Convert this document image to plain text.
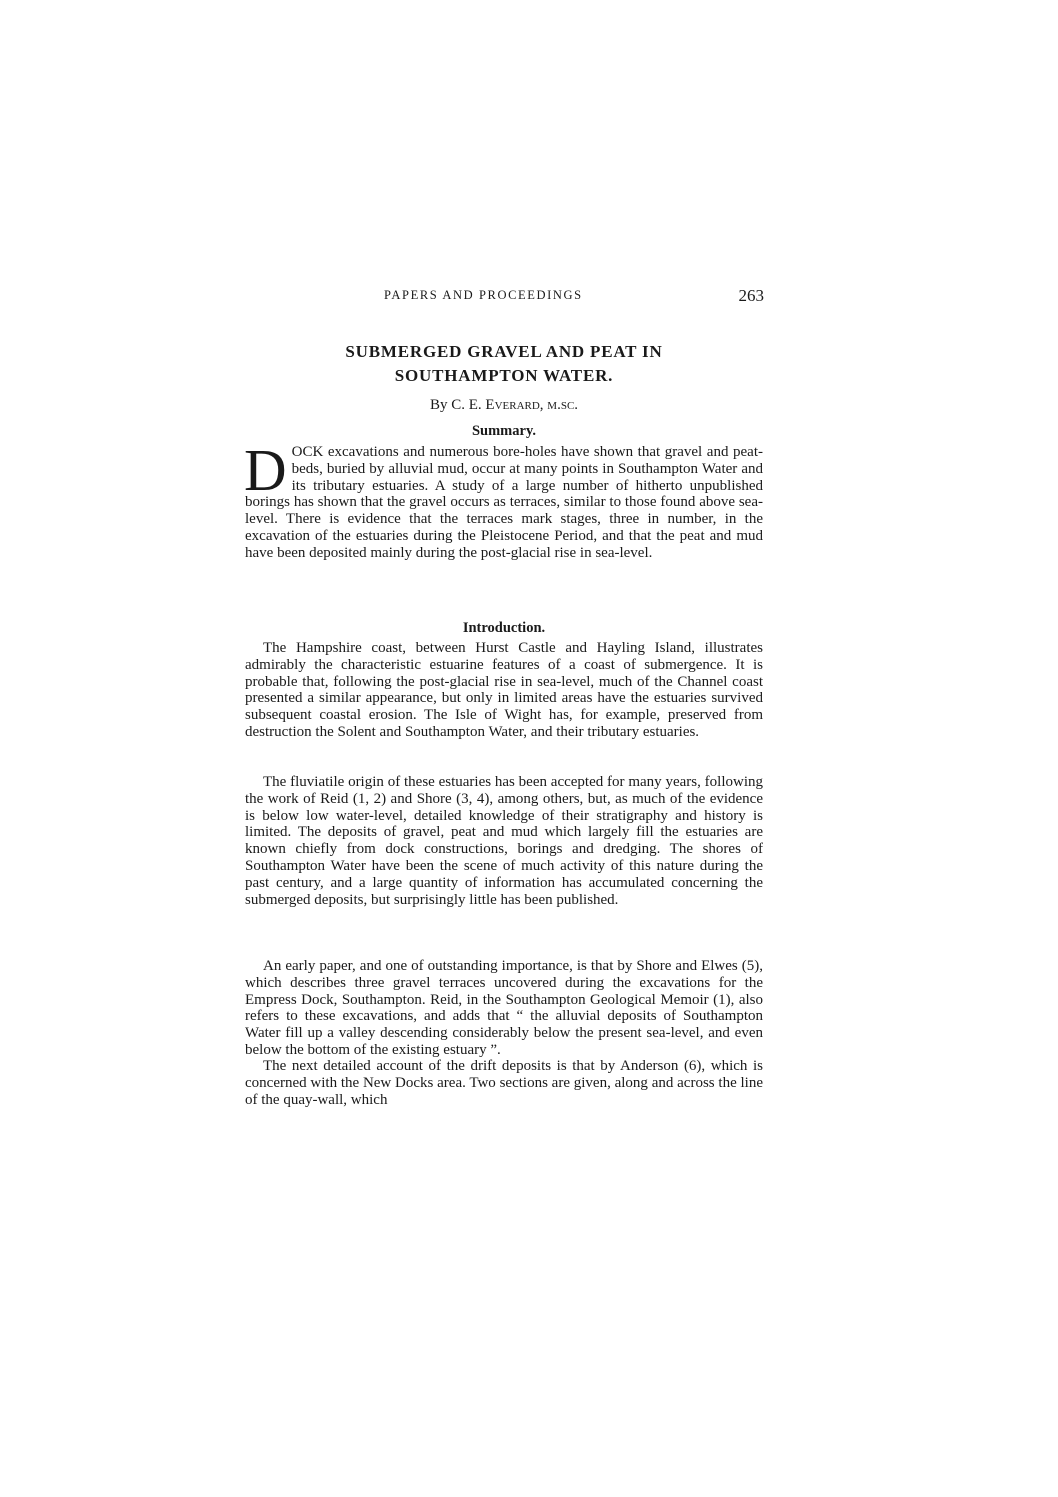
PAPERS AND PROCEEDINGS	263
SUBMERGED GRAVEL AND PEAT IN
SOUTHAMPTON WATER.

By C. E. Everard, m.sc.

Summary.

DOCK excavations and numerous bore-holes have shown that gravel and peat-beds, buried by alluvial mud, occur at many points in Southampton Water and its tributary estuaries. A study of a large number of hitherto unpublished borings has shown that the gravel occurs as terraces, similar to those found above sea-level. There is evidence that the terraces mark stages, three in number, in the excavation of the estuaries during the Pleistocene Period, and that the peat and mud have been deposited mainly during the post-glacial rise in sea-level.

Introduction.

The Hampshire coast, between Hurst Castle and Hayling Island, illustrates admirably the characteristic estuarine features of a coast of submergence. It is probable that, following the post-glacial rise in sea-level, much of the Channel coast presented a similar appearance, but only in limited areas have the estuaries survived subsequent coastal erosion. The Isle of Wight has, for example, preserved from destruction the Solent and Southampton Water, and their tributary estuaries.

The fluviatile origin of these estuaries has been accepted for many years, following the work of Reid (1, 2) and Shore (3, 4), among others, but, as much of the evidence is below low water-level, detailed knowledge of their stratigraphy and history is limited. The deposits of gravel, peat and mud which largely fill the estuaries are known chiefly from dock constructions, borings and dredging. The shores of Southampton Water have been the scene of much activity of this nature during the past century, and a large quantity of information has accumulated concerning the submerged deposits, but surprisingly little has been published.

An early paper, and one of outstanding importance, is that by Shore and Elwes (5), which describes three gravel terraces uncovered during the excavations for the Empress Dock, Southampton. Reid, in the Southampton Geological Memoir (1), also refers to these excavations, and adds that “ the alluvial deposits of Southampton Water fill up a valley descending considerably below the present sea-level, and even below the bottom of the existing estuary ”.

The next detailed account of the drift deposits is that by Anderson (6), which is concerned with the New Docks area. Two sections are given, along and across the line of the quay-wall, which
